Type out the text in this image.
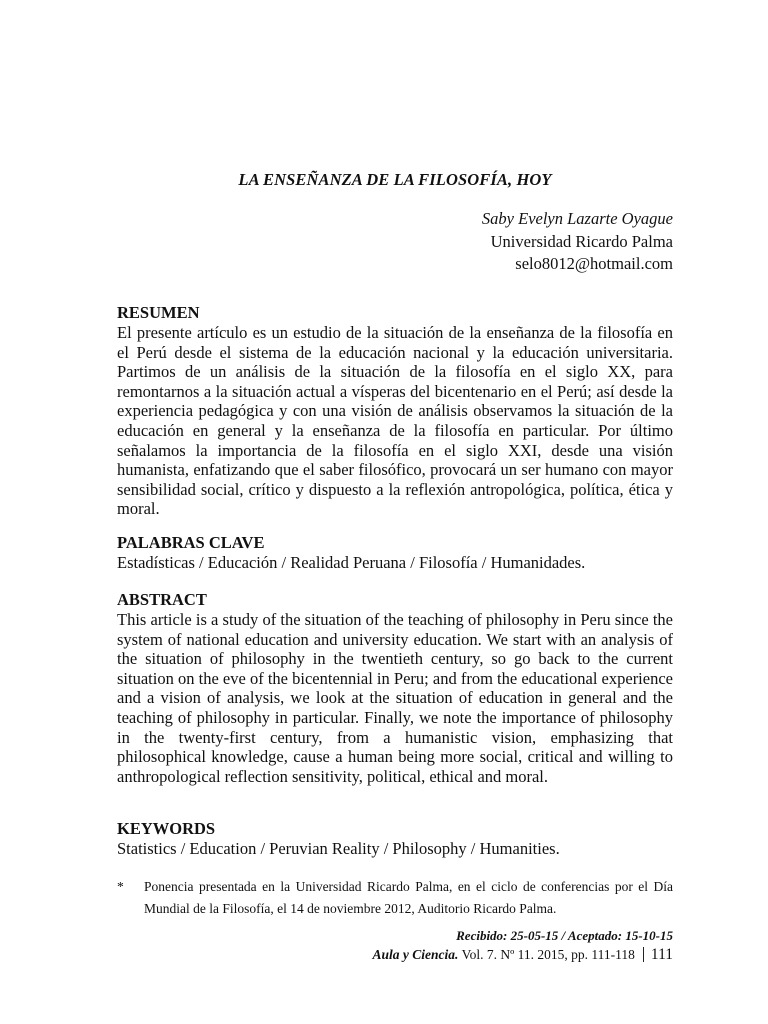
LA ENSEÑANZA DE LA FILOSOFÍA, HOY
Saby Evelyn Lazarte Oyague
Universidad Ricardo Palma
selo8012@hotmail.com
RESUMEN
El presente artículo es un estudio de la situación de la enseñanza de la filosofía en el Perú desde el sistema de la educación nacional y la educación universitaria. Partimos de un análisis de la situación de la filosofía en el siglo XX, para remontarnos a la situación actual a vísperas del bicentenario en el Perú; así desde la experiencia pedagógica y con una visión de análisis observamos la situación de la educación en general y la enseñanza de la filosofía en particular. Por último señalamos la importancia de la filosofía en el siglo XXI, desde una visión humanista, enfatizando que el saber filosófico, provocará un ser humano con mayor sensibilidad social, crítico y dispuesto a la reflexión antropológica, política, ética y moral.
PALABRAS CLAVE
Estadísticas / Educación / Realidad Peruana / Filosofía / Humanidades.
ABSTRACT
This article is a study of the situation of the teaching of philosophy in Peru since the system of national education and university education. We start with an analysis of the situation of philosophy in the twentieth century, so go back to the current situation on the eve of the bicentennial in Peru; and from the educational experience and a vision of analysis, we look at the situation of education in general and the teaching of philosophy in particular. Finally, we note the importance of philosophy in the twenty-first century, from a humanistic vision, emphasizing that philosophical knowledge, cause a human being more social, critical and willing to anthropological reflection sensitivity, political, ethical and moral.
KEYWORDS
Statistics / Education / Peruvian Reality / Philosophy / Humanities.
*	Ponencia presentada en la Universidad Ricardo Palma, en el ciclo de conferencias por el Día Mundial de la Filosofía, el 14 de noviembre 2012, Auditorio Ricardo Palma.
Recibido: 25-05-15 / Aceptado: 15-10-15
Aula y Ciencia. Vol. 7. Nº 11. 2015, pp. 111-118 111
